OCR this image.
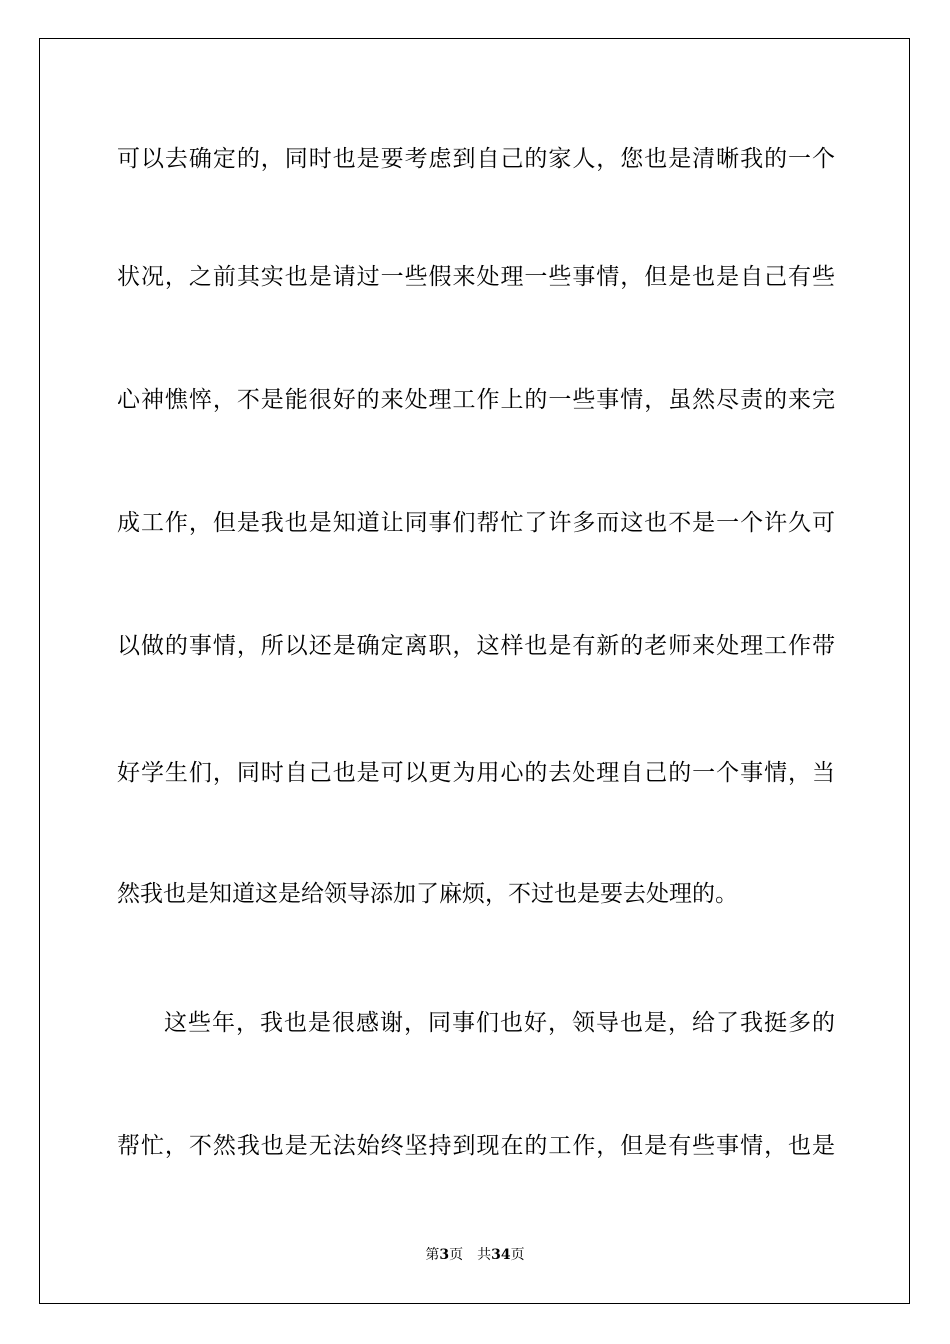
可以去确定的，同时也是要考虑到自己的家人，您也是清晰我的一个
状况，之前其实也是请过一些假来处理一些事情，但是也是自己有些
心神憔悴，不是能很好的来处理工作上的一些事情，虽然尽责的来完
成工作，但是我也是知道让同事们帮忙了许多而这也不是一个许久可
以做的事情，所以还是确定离职，这样也是有新的老师来处理工作带
好学生们，同时自己也是可以更为用心的去处理自己的一个事情，当
然我也是知道这是给领导添加了麻烦，不过也是要去处理的。
这些年，我也是很感谢，同事们也好，领导也是，给了我挺多的
帮忙，不然我也是无法始终坚持到现在的工作，但是有些事情，也是
第3页 共34页
